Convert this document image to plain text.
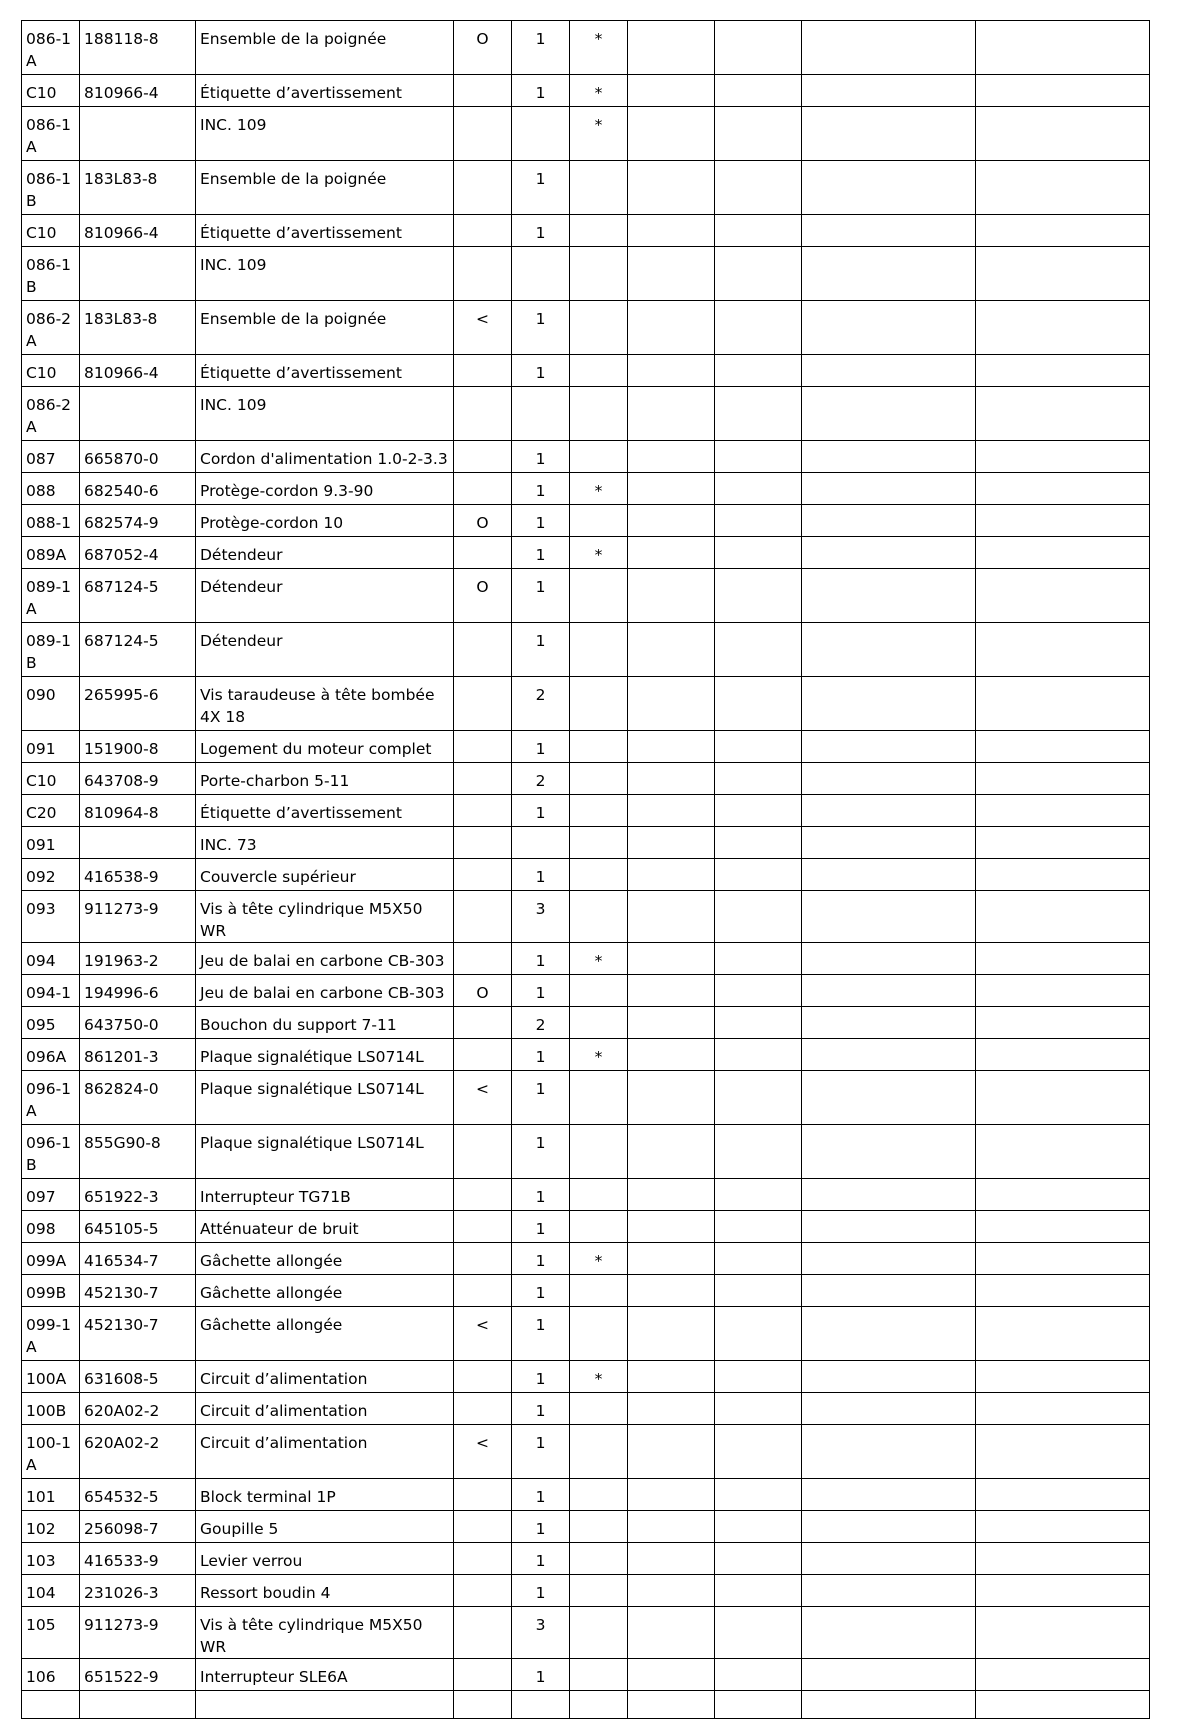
086-1 A	188118-8	Ensemble de la poignée	O	1	*				
C10	810966-4	Étiquette d’avertissement		1	*				
086-1 A		INC. 109			*				
086-1 B	183L83-8	Ensemble de la poignée		1					
C10	810966-4	Étiquette d’avertissement		1					
086-1 B		INC. 109							
086-2 A	183L83-8	Ensemble de la poignée	<	1					
C10	810966-4	Étiquette d’avertissement		1					
086-2 A		INC. 109							
087	665870-0	Cordon d'alimentation 1.0-2-3.3		1					
088	682540-6	Protège-cordon 9.3-90		1	*				
088-1	682574-9	Protège-cordon 10	O	1					
089A	687052-4	Détendeur		1	*				
089-1 A	687124-5	Détendeur	O	1					
089-1 B	687124-5	Détendeur		1					
090	265995-6	Vis taraudeuse à tête bombée 4X 18		2					
091	151900-8	Logement du moteur complet		1					
C10	643708-9	Porte-charbon 5-11		2					
C20	810964-8	Étiquette d’avertissement		1					
091		INC. 73							
092	416538-9	Couvercle supérieur		1					
093	911273-9	Vis à tête cylindrique M5X50 WR		3					
094	191963-2	Jeu de balai en carbone CB-303		1	*				
094-1	194996-6	Jeu de balai en carbone CB-303	O	1					
095	643750-0	Bouchon du support 7-11		2					
096A	861201-3	Plaque signalétique LS0714L		1	*				
096-1 A	862824-0	Plaque signalétique LS0714L	<	1					
096-1 B	855G90-8	Plaque signalétique LS0714L		1					
097	651922-3	Interrupteur TG71B		1					
098	645105-5	Atténuateur de bruit		1					
099A	416534-7	Gâchette allongée		1	*				
099B	452130-7	Gâchette allongée		1					
099-1 A	452130-7	Gâchette allongée	<	1					
100A	631608-5	Circuit d’alimentation		1	*				
100B	620A02-2	Circuit d’alimentation		1					
100-1 A	620A02-2	Circuit d’alimentation	<	1					
101	654532-5	Block terminal 1P		1					
102	256098-7	Goupille 5		1					
103	416533-9	Levier verrou		1					
104	231026-3	Ressort boudin 4		1					
105	911273-9	Vis à tête cylindrique M5X50 WR		3					
106	651522-9	Interrupteur SLE6A		1					
